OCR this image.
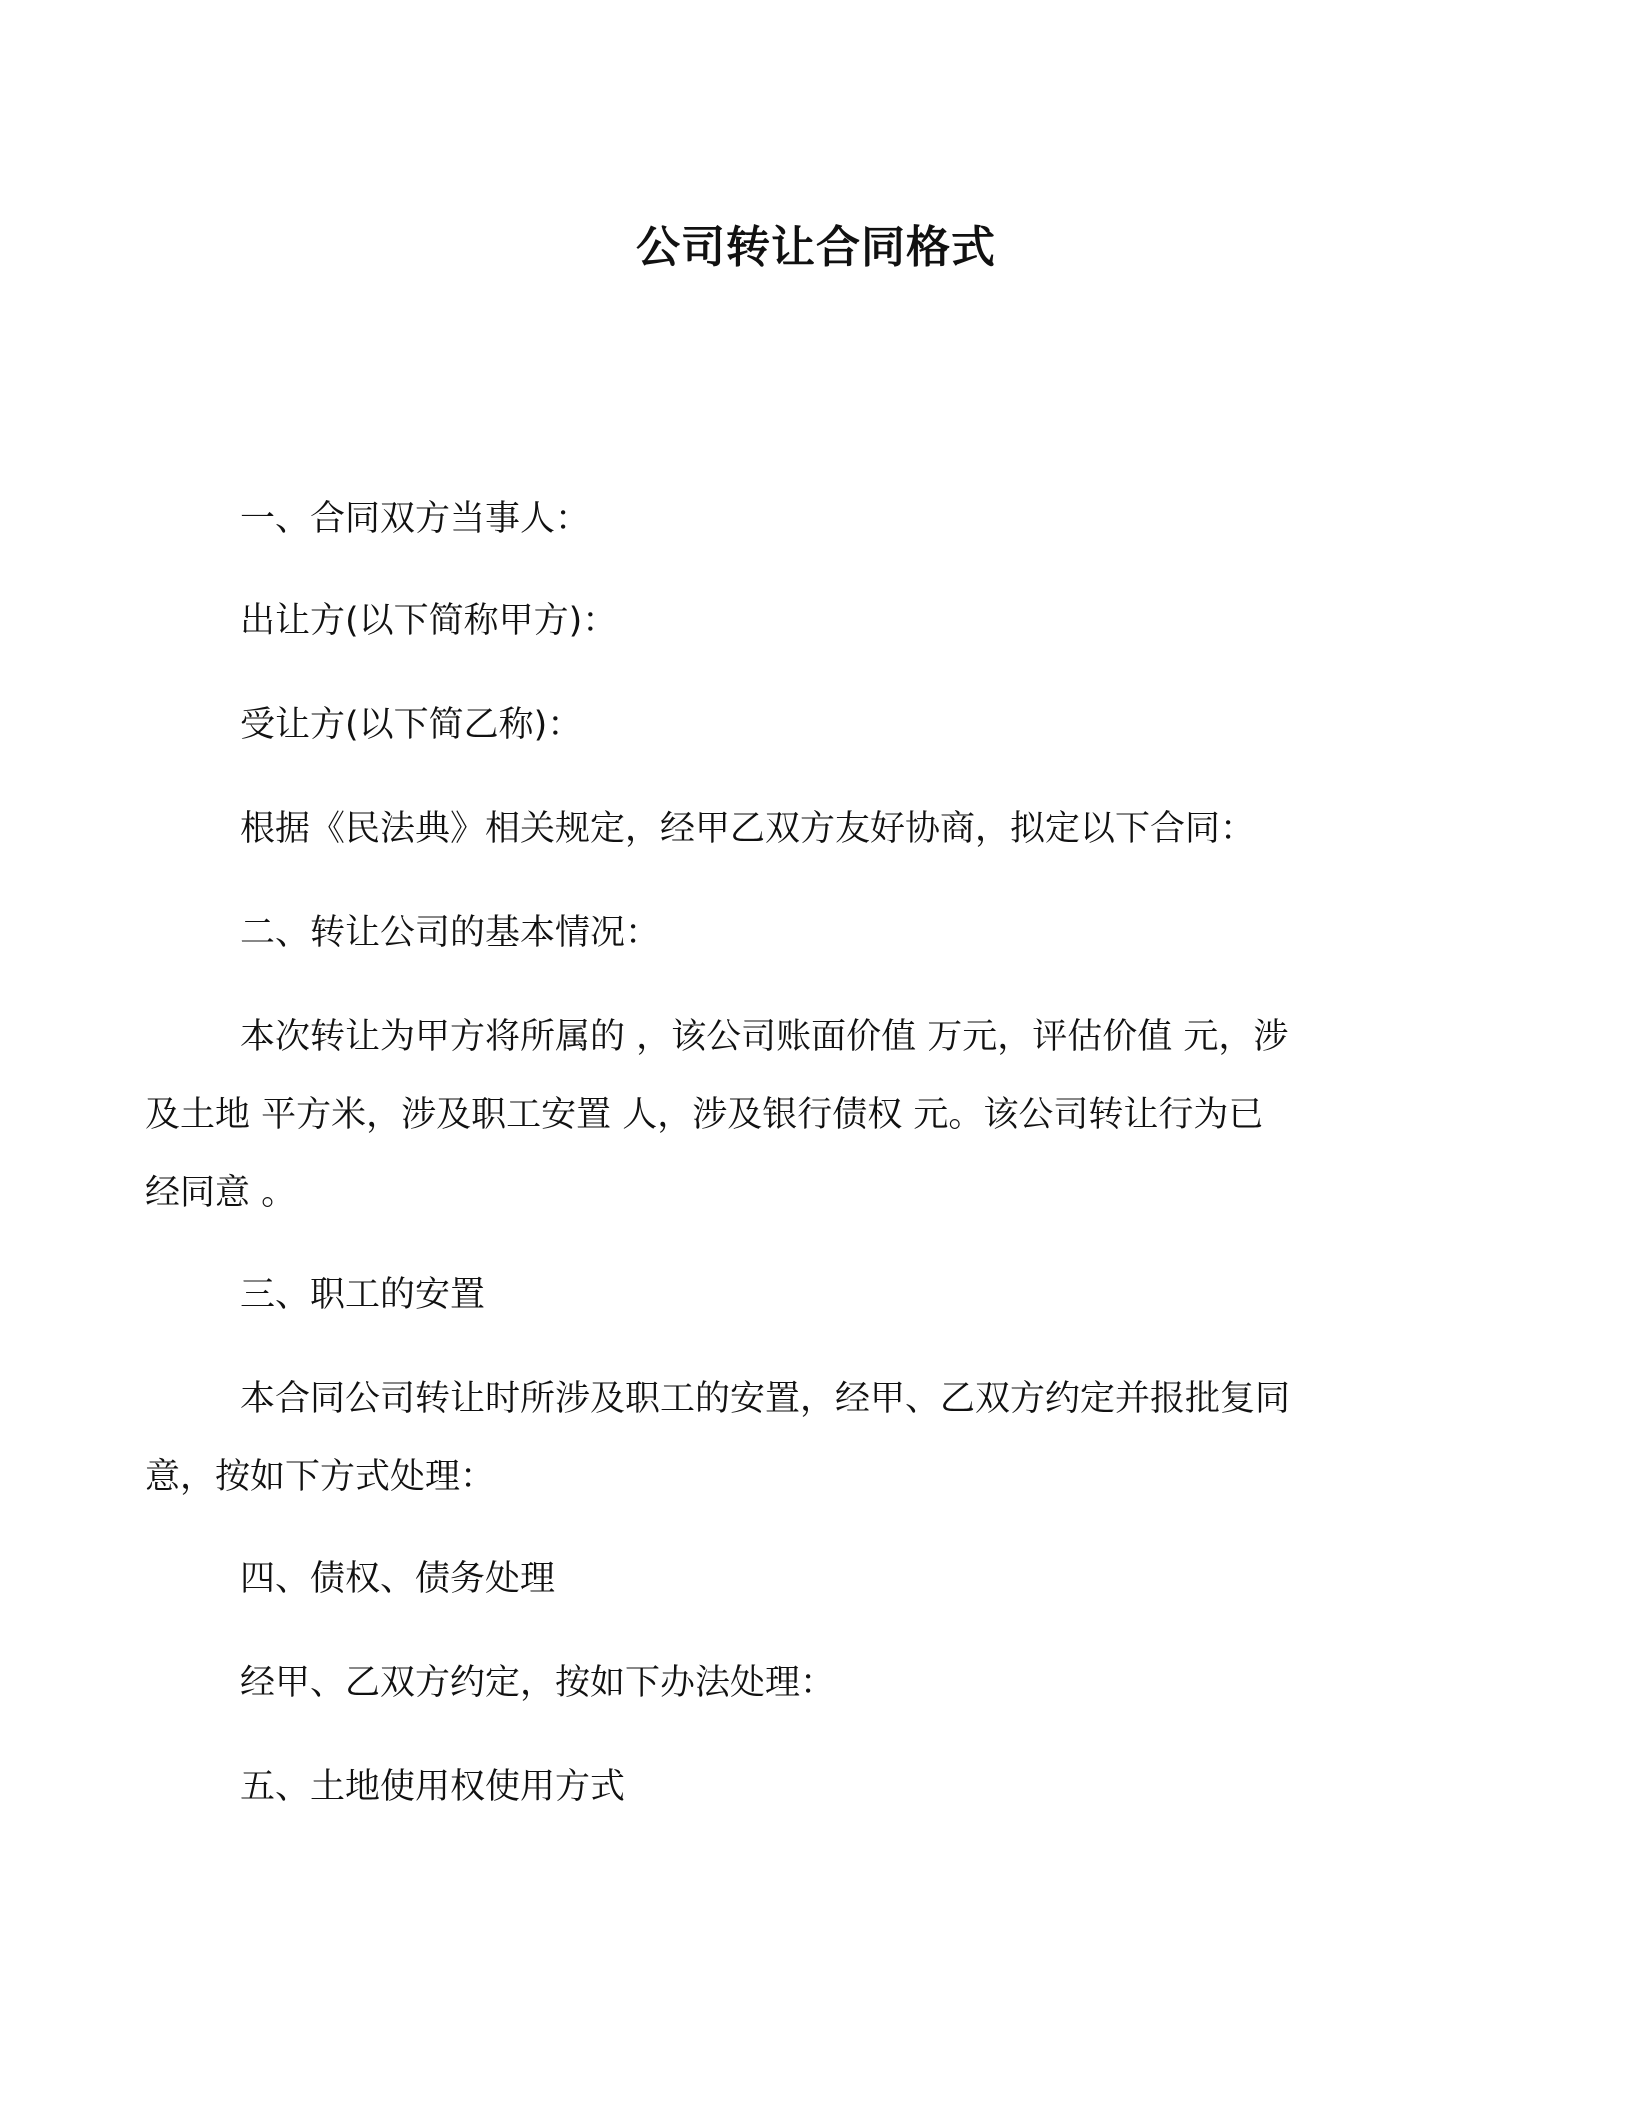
公司转让合同格式
一、合同双方当事人：
出让方(以下简称甲方)：
受让方(以下简乙称)：
根据《民法典》相关规定，经甲乙双方友好协商，拟定以下合同：
二、转让公司的基本情况：
本次转让为甲方将所属的 ，该公司账面价值 万元，评估价值 元，涉及土地 平方米，涉及职工安置 人，涉及银行债权 元。该公司转让行为已经同意 。
三、职工的安置
本合同公司转让时所涉及职工的安置，经甲、乙双方约定并报批复同意，按如下方式处理：
四、债权、债务处理
经甲、乙双方约定，按如下办法处理：
五、土地使用权使用方式
